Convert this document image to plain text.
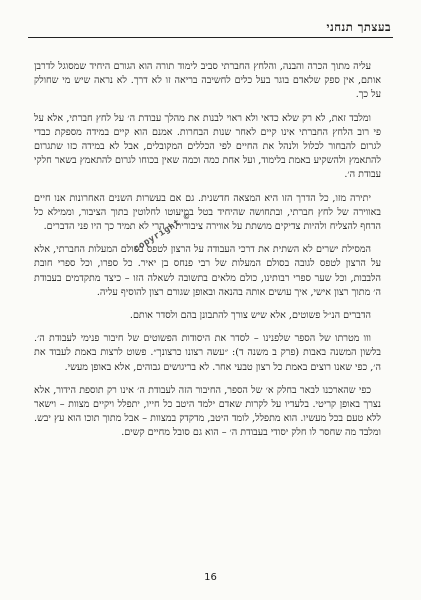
בעצתך תנחני

עליה מתוך הכרה והבנה, והלחץ החברתי סביב לימוד תורה הוא הגורם היחיד שמסוגל לדרבן אותם, אין ספק שלאדם בוגר בעל כלים לחשיבה בריאה זו לא דרך. לא נראה שיש מי שחולק על כך.

ומלבד זאת, לא רק שלא כדאי ולא ראוי לבנות את מהלך עבודת ה׳ על לחץ חברתי, אלא על פי רוב הלחץ החברתי אינו קיים לאחר שנות הבחרות. אמנם הוא קיים במידה מספקת כבדי לגרום להבחור לכלול ולנהל את החיים לפי הכללים המקובלים, אבל לא במידה כזו שתגרום להתאמץ ולהשקיע באמת בלימוד, ועל אחת כמה וכמה שאין בכוחו לגרום להתאמץ בשאר חלקי עבודת ה׳.

יתירה מזו, כל הדרך הזו היא המצאה חדשנית. גם אם בעשרות השנים האחרונות אנו חיים באווירה של לחץ חברתי, ובתחושה שהיחיד בטל במיעוטו לחלוטין בתוך הציבור, וממילא כל הדחף להצליח ולהיות צדיקים מושתת על אווירה ציבורית – הרי לא תמיד כך היו פני הדברים.

המסילת ישרים לא השתית את דרכי העבודה על הרצון לטפס בסולם המעלות החברתי, אלא על הרצון לטפס לגובה בסולם המעלות של רבי פנחס בן יאיר. כל ספרו, וכל ספרי חובת הלבבות, וכל שער ספרי רבותינו, כולם מלאים בתשובה לשאלה הזו – כיצד מתקדמים בעבודת ה׳ מתוך רצון אישי, איך עושים אותה בהנאה ובאופן שגורם רצון להוסיף עליה.

הדברים הנ״ל פשוטים, אלא שיש צורך להתבונן בהם ולסדר אותם.

ווו מטרתו של הספר שלפנינו – לסדר את היסודות הפשוטים של חיבור פנימי לעבודת ה׳. בלשון המשנה באבות (פרק ב משנה ד): ״עשה רצונו כרצונך״. פשוט לרצות באמת לעבוד את ה׳, כפי שאנו רוצים באמת כל רצון טבעי אחר. לא בריגושים גבוהים, אלא באופן מעשי.

כפי שהארכנו לבאר בחלק א׳ של הספר, החיבור הזה לעבודת ה׳ אינו רק תוספת הידור, אלא נצרך באופן קריטי. בלעדיו על לקרות שאדם ילמד היטב כל חייו, יתפלל ויקיים מצוות – וישאר ללא טעם בכל מעשיו. הוא מתפלל, לומד היטב, מדקדק במצוות – אבל מתוך תוכו הוא עץ יבש. ומלבד מה שחסר לו חלק יסודי בעבודת ה׳ – הוא גם סובל מחיים קשים.

copyright ©
16
